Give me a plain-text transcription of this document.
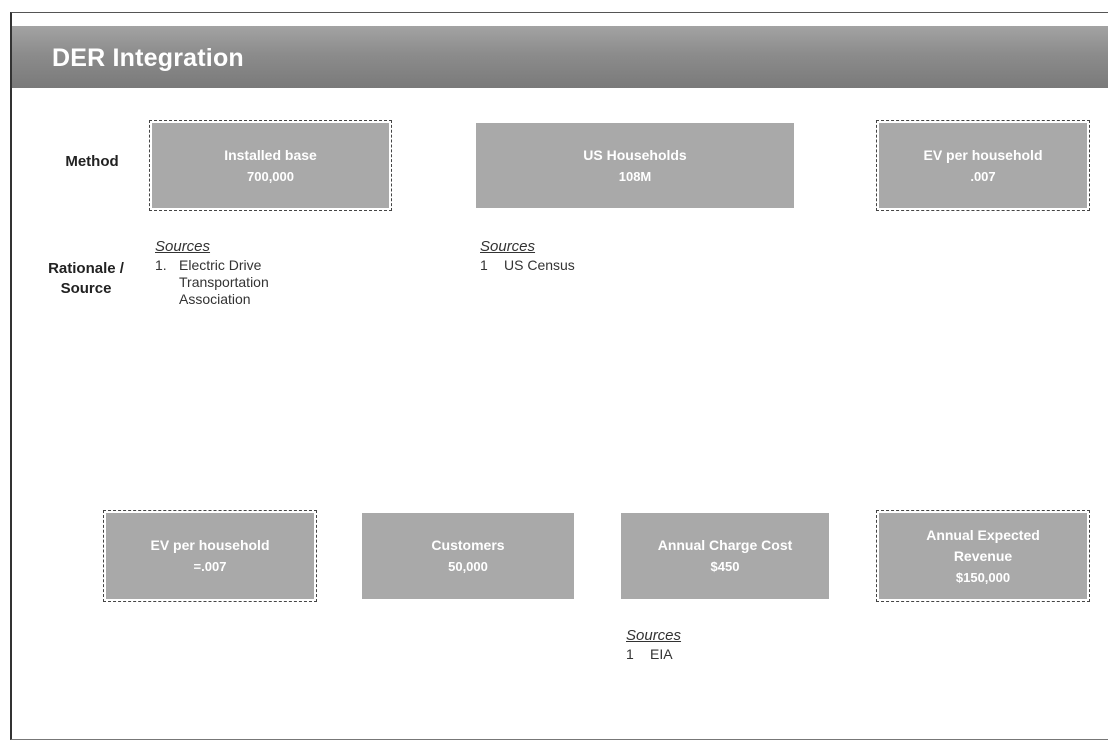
DER Integration
Method
Rationale /
Source
Installed base
700,000
US Households
108M
EV per household
.007
Sources
1. Electric Drive Transportation Association
Sources
1	US Census
EV per household
=.007
Customers
50,000
Annual Charge Cost
$450
Annual Expected Revenue
$150,000
Sources
1	EIA
